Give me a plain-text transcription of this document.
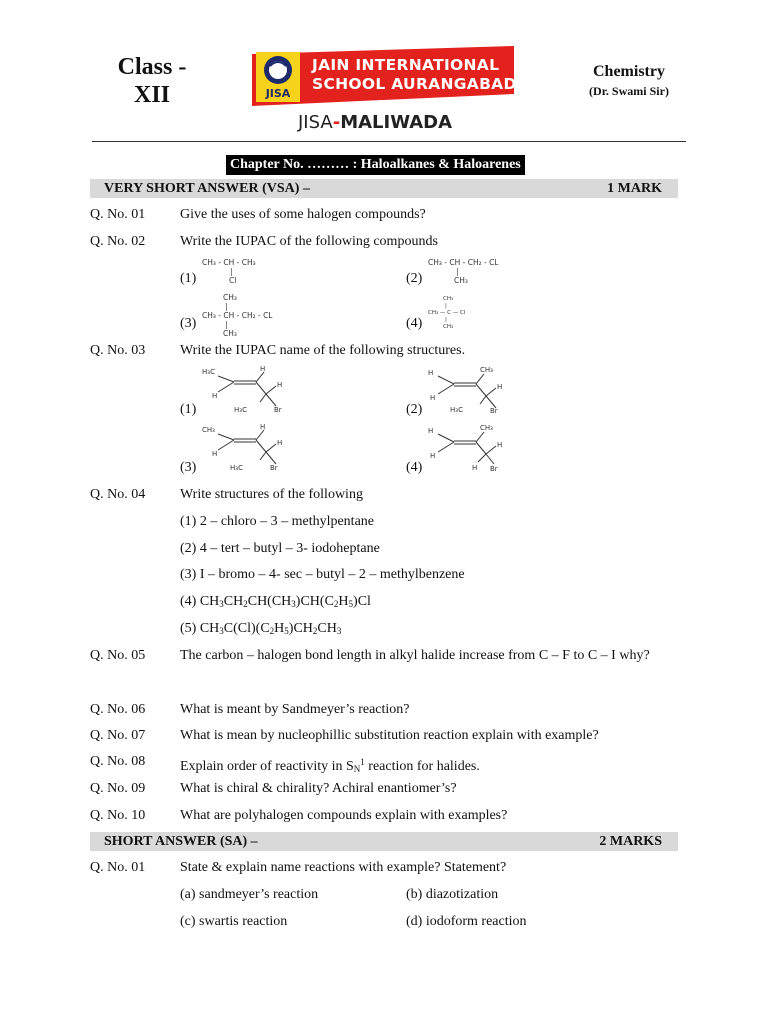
Class -
XII	JISA
JAIN INTERNATIONAL
SCHOOL AURANGABAD
JISA-MALIWADA
Chemistry
(Dr. Swami Sir)
Chapter No. ……… : Haloalkanes & Haloarenes
VERY SHORT ANSWER (VSA) –	1 MARK
Q. No. 01 Give the uses of some halogen compounds?
Q. No. 02 Write the IUPAC of the following compounds
(1)
CH₃ - CH - CH₃
|
Cl	(2)
CH₃ - CH - CH₂ - CL
|
CH₃
(3)
CH₃
|
CH₃ - CH - CH₂ - CL
|
CH₃
(4)
CH₃
|
CH₃ — C — Cl
|
CH₃
Q. No. 03 Write the IUPAC name of the following structures.
(1)
H₃C	H
H
H
H₃C	Br	(2)
H	CH₃
H
H
H₃C	Br
(3)
CH₃	H
H
H
H₃C	Br	(4)
H	CH₃
H
H
H Br
Q. No. 04 Write structures of the following
(1) 2 – chloro – 3 – methylpentane
(2) 4 – tert – butyl – 3- iodoheptane
(3) I – bromo – 4- sec – butyl – 2 – methylbenzene
(4) $CH_3CH_2CH(CH_3)CH(C_2H_5)Cl$
(5) $CH_3C(Cl)(C_2H_5)CH_2CH_3$
Q. No. 05 The carbon – halogen bond length in alkyl halide increase from C – F to C – I why?
Q. No. 06 What is meant by Sandmeyer’s reaction?
Q. No. 07 What is mean by nucleophillic substitution reaction explain with example?
Q. No. 08 Explain order of reactivity in $S_N^1$ reaction for halides.
Q. No. 09 What is chiral & chirality? Achiral enantiomer’s?
Q. No. 10 What are polyhalogen compounds explain with examples?
SHORT ANSWER (SA) –	2 MARKS
Q. No. 01 State & explain name reactions with example? Statement?
(a) sandmeyer’s reaction	(b) diazotization
(c) swartis reaction	(d) iodoform reaction
